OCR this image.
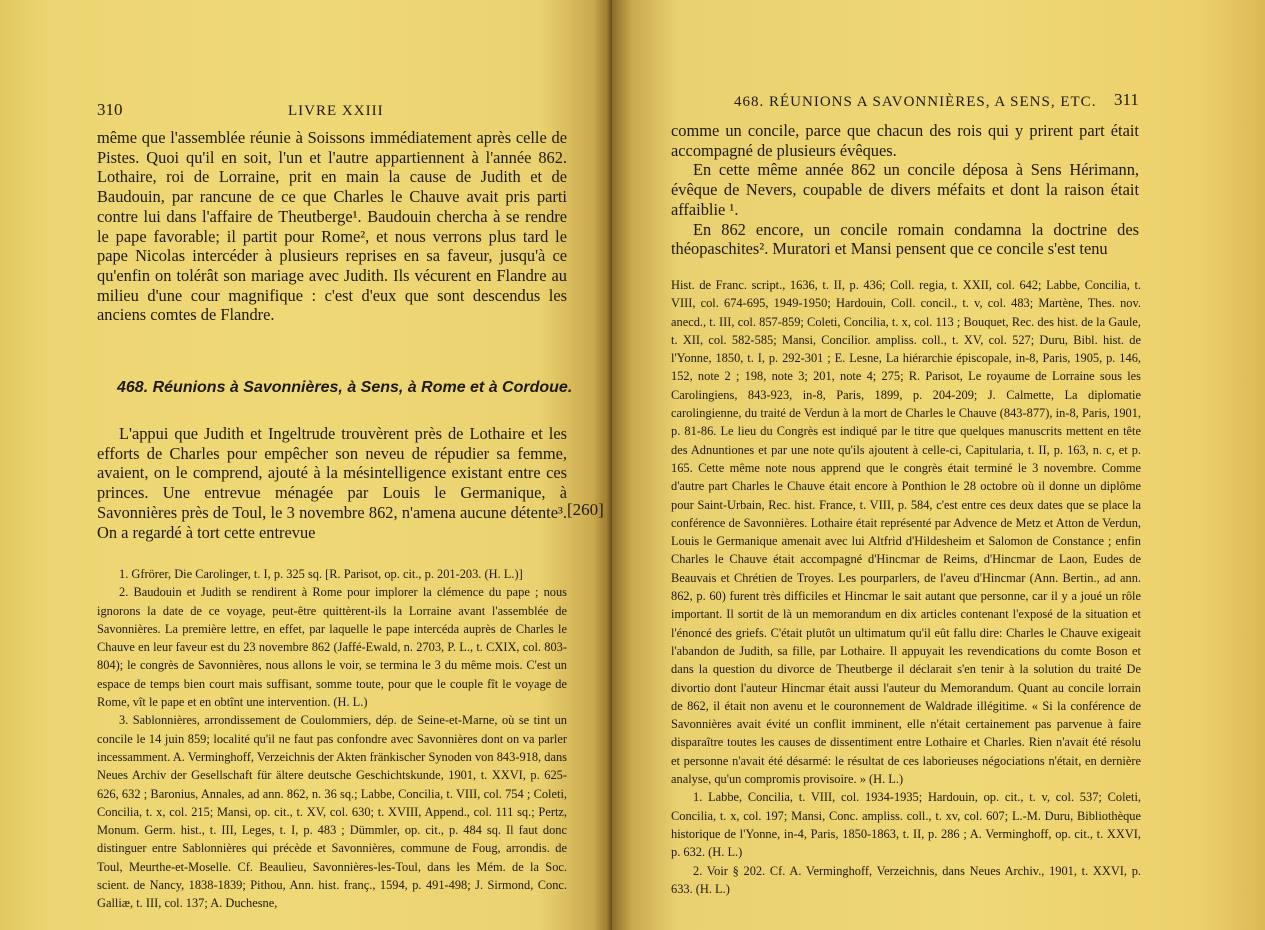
310	LIVRE XXIII

même que l'assemblée réunie à Soissons immédiatement après celle de Pistes. Quoi qu'il en soit, l'un et l'autre appartiennent à l'année 862. Lothaire, roi de Lorraine, prit en main la cause de Judith et de Baudouin, par rancune de ce que Charles le Chauve avait pris parti contre lui dans l'affaire de Theutberge¹. Baudouin chercha à se rendre le pape favorable; il partit pour Rome², et nous verrons plus tard le pape Nicolas intercéder à plusieurs reprises en sa faveur, jusqu'à ce qu'enfin on tolérât son mariage avec Judith. Ils vécurent en Flandre au milieu d'une cour magnifique : c'est d'eux que sont descendus les anciens comtes de Flandre.

468. Réunions à Savonnières, à Sens, à Rome et à Cordoue.

L'appui que Judith et Ingeltrude trouvèrent près de Lothaire et les efforts de Charles pour empêcher son neveu de répudier sa femme, avaient, on le comprend, ajouté à la mésintelligence existant entre ces princes. Une entrevue ménagée par Louis le Germanique, à Savonnières près de Toul, le 3 novembre 862, n'amena aucune détente³. On a regardé à tort cette entrevue

1. Gfrörer, Die Carolinger, t. I, p. 325 sq. [R. Parisot, op. cit., p. 201-203. (H. L.)]

2. Baudouin et Judith se rendirent à Rome pour implorer la clémence du pape ; nous ignorons la date de ce voyage, peut-être quittèrent-ils la Lorraine avant l'assemblée de Savonnières. La première lettre, en effet, par laquelle le pape intercéda auprès de Charles le Chauve en leur faveur est du 23 novembre 862 (Jaffé-Ewald, n. 2703, P. L., t. CXIX, col. 803-804); le congrès de Savonnières, nous allons le voir, se termina le 3 du même mois. C'est un espace de temps bien court mais suffisant, somme toute, pour que le couple fît le voyage de Rome, vît le pape et en obtînt une intervention. (H. L.)

3. Sablonnières, arrondissement de Coulommiers, dép. de Seine-et-Marne, où se tint un concile le 14 juin 859; localité qu'il ne faut pas confondre avec Savonnières dont on va parler incessamment. A. Verminghoff, Verzeichnis der Akten fränkischer Synoden von 843-918, dans Neues Archiv der Gesellschaft für ältere deutsche Geschichtskunde, 1901, t. XXVI, p. 625-626, 632 ; Baronius, Annales, ad ann. 862, n. 36 sq.; Labbe, Concilia, t. VIII, col. 754 ; Coleti, Concilia, t. x, col. 215; Mansi, op. cit., t. XV, col. 630; t. XVIII, Append., col. 111 sq.; Pertz, Monum. Germ. hist., t. III, Leges, t. I, p. 483 ; Dümmler, op. cit., p. 484 sq. Il faut donc distinguer entre Sablonnières qui précède et Savonnières, commune de Foug, arrondis. de Toul, Meurthe-et-Moselle. Cf. Beaulieu, Savonnières-les-Toul, dans les Mém. de la Soc. scient. de Nancy, 1838-1839; Pithou, Ann. hist. franç., 1594, p. 491-498; J. Sirmond, Conc. Galliæ, t. III, col. 137; A. Duchesne,

[260]
468. RÉUNIONS A SAVONNIÈRES, A SENS, ETC. 311

comme un concile, parce que chacun des rois qui y prirent part était accompagné de plusieurs évêques.

En cette même année 862 un concile déposa à Sens Hérimann, évêque de Nevers, coupable de divers méfaits et dont la raison était affaiblie ¹.

En 862 encore, un concile romain condamna la doctrine des théopaschites². Muratori et Mansi pensent que ce concile s'est tenu

Hist. de Franc. script., 1636, t. II, p. 436; Coll. regia, t. XXII, col. 642; Labbe, Concilia, t. VIII, col. 674-695, 1949-1950; Hardouin, Coll. concil., t. v, col. 483; Martène, Thes. nov. anecd., t. III, col. 857-859; Coleti, Concilia, t. x, col. 113 ; Bouquet, Rec. des hist. de la Gaule, t. XII, col. 582-585; Mansi, Concilior. ampliss. coll., t. XV, col. 527; Duru, Bibl. hist. de l'Yonne, 1850, t. I, p. 292-301 ; E. Lesne, La hiérarchie épiscopale, in-8, Paris, 1905, p. 146, 152, note 2 ; 198, note 3; 201, note 4; 275; R. Parisot, Le royaume de Lorraine sous les Carolingiens, 843-923, in-8, Paris, 1899, p. 204-209; J. Calmette, La diplomatie carolingienne, du traité de Verdun à la mort de Charles le Chauve (843-877), in-8, Paris, 1901, p. 81-86. Le lieu du Congrès est indiqué par le titre que quelques manuscrits mettent en tête des Adnuntiones et par une note qu'ils ajoutent à celle-ci, Capitularia, t. II, p. 163, n. c, et p. 165. Cette même note nous apprend que le congrès était terminé le 3 novembre. Comme d'autre part Charles le Chauve était encore à Ponthion le 28 octobre où il donne un diplôme pour Saint-Urbain, Rec. hist. France, t. VIII, p. 584, c'est entre ces deux dates que se place la conférence de Savonnières. Lothaire était représenté par Advence de Metz et Atton de Verdun, Louis le Germanique amenait avec lui Altfrid d'Hildesheim et Salomon de Constance ; enfin Charles le Chauve était accompagné d'Hincmar de Reims, d'Hincmar de Laon, Eudes de Beauvais et Chrétien de Troyes. Les pourparlers, de l'aveu d'Hincmar (Ann. Bertin., ad ann. 862, p. 60) furent très difficiles et Hincmar le sait autant que personne, car il y a joué un rôle important. Il sortit de là un memorandum en dix articles contenant l'exposé de la situation et l'énoncé des griefs. C'était plutôt un ultimatum qu'il eût fallu dire: Charles le Chauve exigeait l'abandon de Judith, sa fille, par Lothaire. Il appuyait les revendications du comte Boson et dans la question du divorce de Theutberge il déclarait s'en tenir à la solution du traité De divortio dont l'auteur Hincmar était aussi l'auteur du Memorandum. Quant au concile lorrain de 862, il était non avenu et le couronnement de Waldrade illégitime. « Si la conférence de Savonnières avait évité un conflit imminent, elle n'était certainement pas parvenue à faire disparaître toutes les causes de dissentiment entre Lothaire et Charles. Rien n'avait été résolu et personne n'avait été désarmé: le résultat de ces laborieuses négociations n'était, en dernière analyse, qu'un compromis provisoire. » (H. L.)

1. Labbe, Concilia, t. VIII, col. 1934-1935; Hardouin, op. cit., t. v, col. 537; Coleti, Concilia, t. x, col. 197; Mansi, Conc. ampliss. coll., t. xv, col. 607; L.-M. Duru, Bibliothèque historique de l'Yonne, in-4, Paris, 1850-1863, t. II, p. 286 ; A. Verminghoff, op. cit., t. XXVI, p. 632. (H. L.)

2. Voir § 202. Cf. A. Verminghoff, Verzeichnis, dans Neues Archiv., 1901, t. XXVI, p. 633. (H. L.)
